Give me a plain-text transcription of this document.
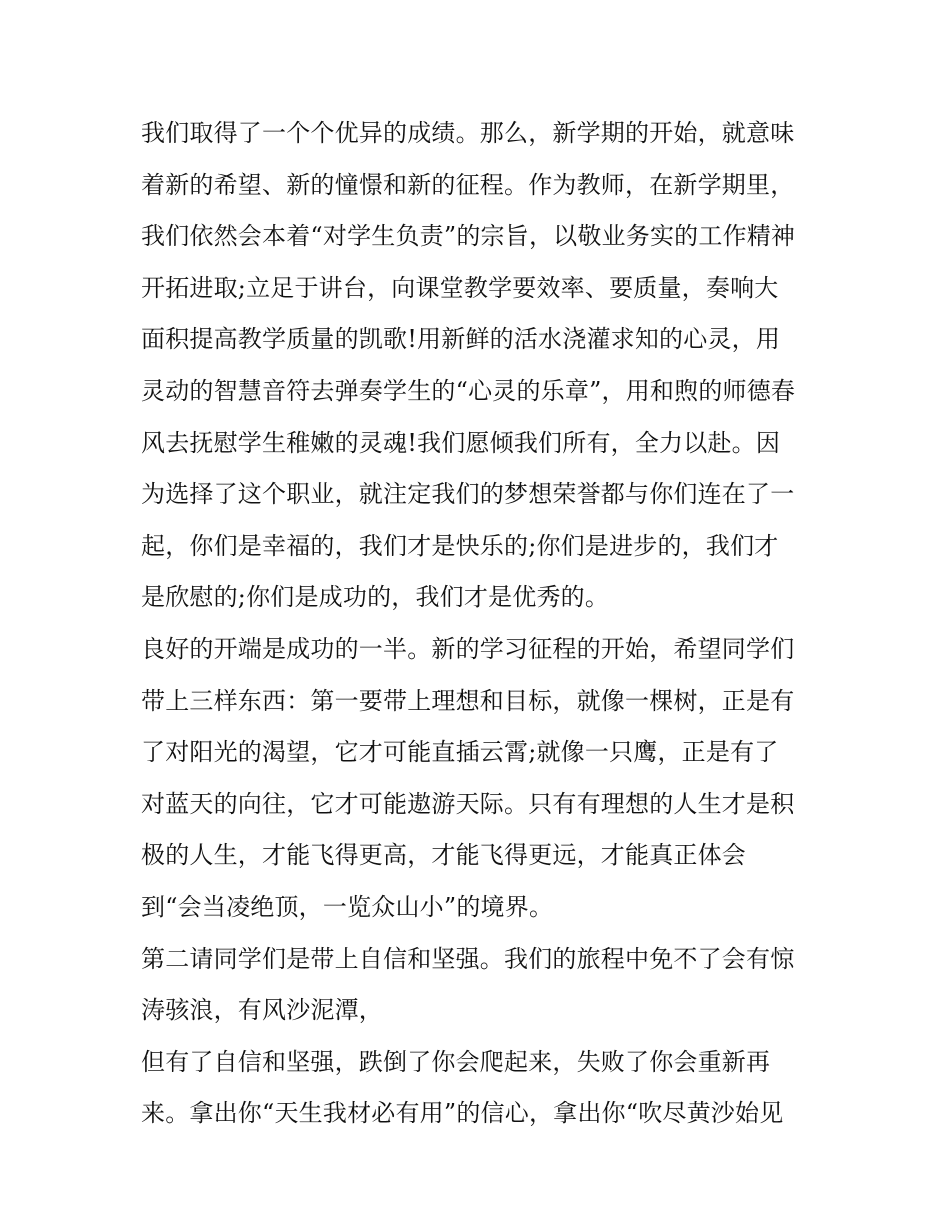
我们取得了一个个优异的成绩。那么，新学期的开始，就意味
着新的希望、新的憧憬和新的征程。作为教师，在新学期里，
我们依然会本着“对学生负责”的宗旨，以敬业务实的工作精神
开拓进取;立足于讲台，向课堂教学要效率、要质量，奏响大
面积提高教学质量的凯歌!用新鲜的活水浇灌求知的心灵，用
灵动的智慧音符去弹奏学生的“心灵的乐章”，用和煦的师德春
风去抚慰学生稚嫩的灵魂!我们愿倾我们所有，全力以赴。因
为选择了这个职业，就注定我们的梦想荣誉都与你们连在了一
起，你们是幸福的，我们才是快乐的;你们是进步的，我们才
是欣慰的;你们是成功的，我们才是优秀的。
良好的开端是成功的一半。新的学习征程的开始，希望同学们
带上三样东西：第一要带上理想和目标，就像一棵树，正是有
了对阳光的渴望，它才可能直插云霄;就像一只鹰，正是有了
对蓝天的向往，它才可能遨游天际。只有有理想的人生才是积
极的人生，才能飞得更高，才能飞得更远，才能真正体会
到“会当凌绝顶，一览众山小”的境界。
第二请同学们是带上自信和坚强。我们的旅程中免不了会有惊
涛骇浪，有风沙泥潭，
但有了自信和坚强，跌倒了你会爬起来，失败了你会重新再
来。拿出你“天生我材必有用”的信心，拿出你“吹尽黄沙始见
